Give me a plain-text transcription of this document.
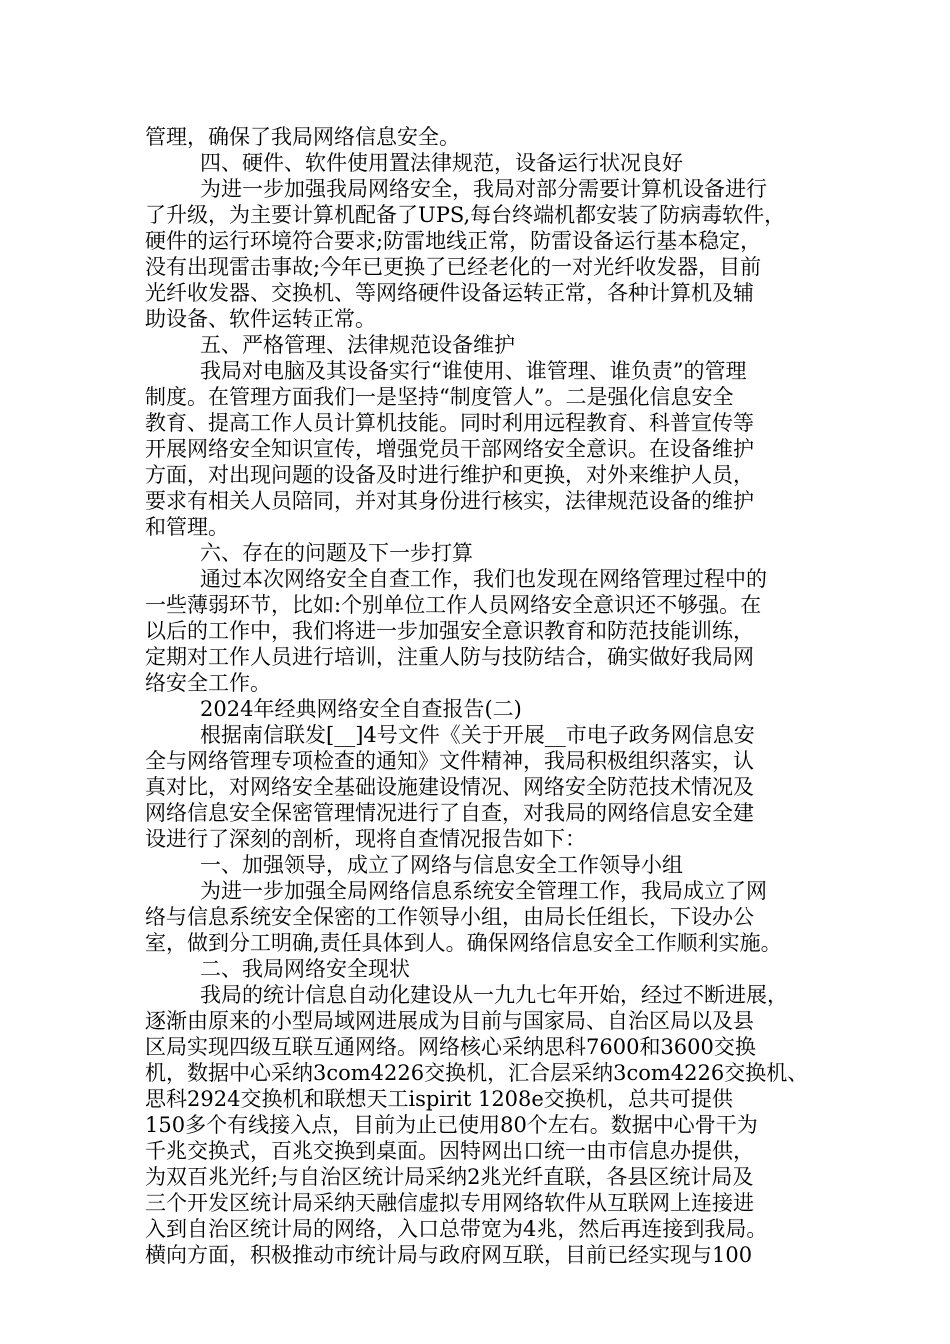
管理，确保了我局网络信息安全。
四、硬件、软件使用置法律规范，设备运行状况良好
为进一步加强我局网络安全，我局对部分需要计算机设备进行
了升级，为主要计算机配备了UPS,每台终端机都安装了防病毒软件，
硬件的运行环境符合要求;防雷地线正常，防雷设备运行基本稳定，
没有出现雷击事故;今年已更换了已经老化的一对光纤收发器，目前
光纤收发器、交换机、等网络硬件设备运转正常，各种计算机及辅
助设备、软件运转正常。
五、严格管理、法律规范设备维护
我局对电脑及其设备实行“谁使用、谁管理、谁负责”的管理
制度。在管理方面我们一是坚持“制度管人”。二是强化信息安全
教育、提高工作人员计算机技能。同时利用远程教育、科普宣传等
开展网络安全知识宣传，增强党员干部网络安全意识。在设备维护
方面，对出现问题的设备及时进行维护和更换，对外来维护人员，
要求有相关人员陪同，并对其身份进行核实，法律规范设备的维护
和管理。
六、存在的问题及下一步打算
通过本次网络安全自查工作，我们也发现在网络管理过程中的
一些薄弱环节，比如:个别单位工作人员网络安全意识还不够强。在
以后的工作中，我们将进一步加强安全意识教育和防范技能训练，
定期对工作人员进行培训，注重人防与技防结合，确实做好我局网
络安全工作。
2024年经典网络安全自查报告(二)
根据南信联发[__]4号文件《关于开展__市电子政务网信息安
全与网络管理专项检查的通知》文件精神，我局积极组织落实，认
真对比，对网络安全基础设施建设情况、网络安全防范技术情况及
网络信息安全保密管理情况进行了自查，对我局的网络信息安全建
设进行了深刻的剖析，现将自查情况报告如下：
一、加强领导，成立了网络与信息安全工作领导小组
为进一步加强全局网络信息系统安全管理工作，我局成立了网
络与信息系统安全保密的工作领导小组，由局长任组长，下设办公
室，做到分工明确,责任具体到人。确保网络信息安全工作顺利实施。
二、我局网络安全现状
我局的统计信息自动化建设从一九九七年开始，经过不断进展，
逐渐由原来的小型局域网进展成为目前与国家局、自治区局以及县
区局实现四级互联互通网络。网络核心采纳思科7600和3600交换
机，数据中心采纳3com4226交换机，汇合层采纳3com4226交换机、
思科2924交换机和联想天工ispirit 1208e交换机，总共可提供
150多个有线接入点，目前为止已使用80个左右。数据中心骨干为
千兆交换式，百兆交换到桌面。因特网出口统一由市信息办提供，
为双百兆光纤;与自治区统计局采纳2兆光纤直联，各县区统计局及
三个开发区统计局采纳天融信虚拟专用网络软件从互联网上连接进
入到自治区统计局的网络，入口总带宽为4兆，然后再连接到我局。
横向方面，积极推动市统计局与政府网互联，目前已经实现与100
